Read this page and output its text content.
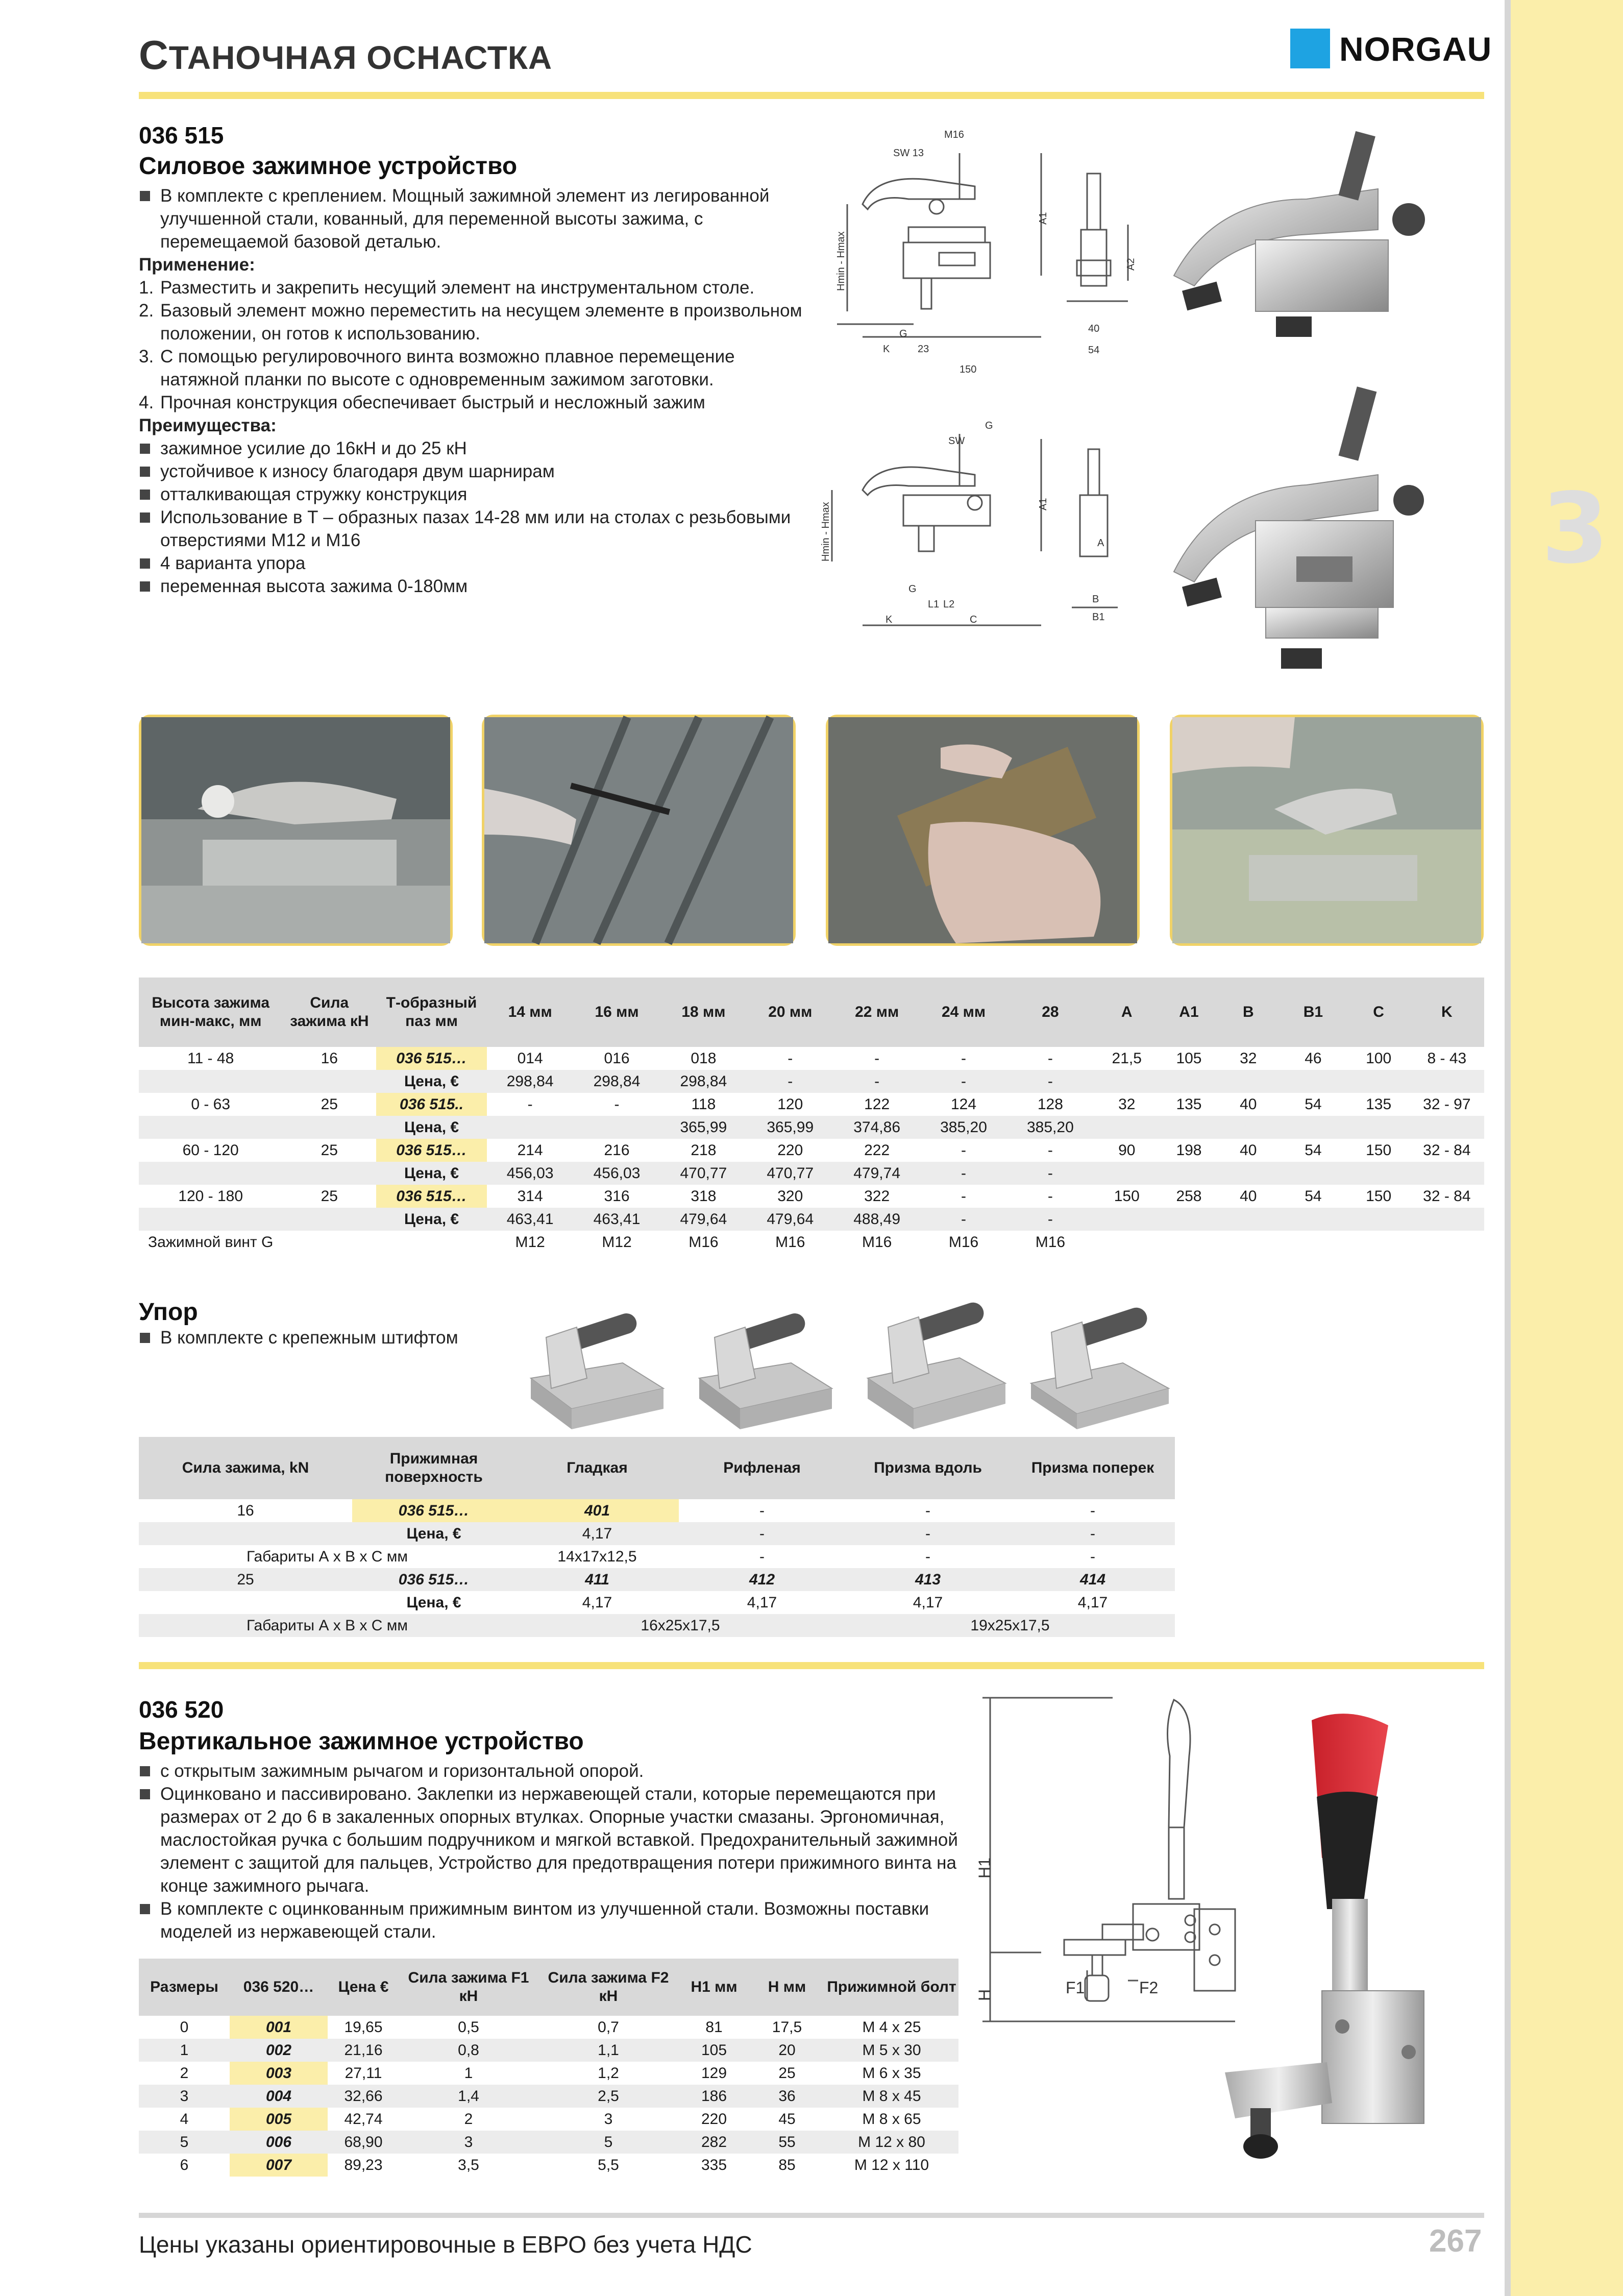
3
СТАНОЧНАЯ ОСНАСТКА	NORGAU
036 515
Силовое зажимное устройство
В комплекте с креплением. Мощный зажимной элемент из легированной улучшенной стали, кованный, для переменной высоты зажима, с перемещаемой базовой деталью.
Применение:
1. Разместить и закрепить несущий элемент на инструментальном столе.
2. Базовый элемент можно переместить на несущем элементе в произвольном положении, он готов к использованию.
3. С помощью регулировочного винта возможно плавное перемещение натяжной планки по высоте с одновременным зажимом заготовки.
4. Прочная конструкция обеспечивает быстрый и несложный зажим
Преимущества:
зажимное усилие до 16кН и до 25 кН
устойчивое к износу благодаря двум шарнирам
отталкивающая стружку конструкция
Использование в Т – образных пазах 14-28 мм или на столах с резьбовыми отверстиями М12 и М16
4 варианта упора
переменная высота зажима 0-180мм
M16
SW 13
A1
A2
Hmin - Hmax
G
K	23
150
40
54
SW
G
A1
A
Hmin - Hmax
G
L1 L2
K	C
B
B1
Высота зажима мин-макс, мм	Сила зажима кН	Т-образный паз мм	14 мм	16 мм	18 мм	20 мм	22 мм	24 мм	28	A	A1	B	B1	C	K
11 - 48	16	036 515…	014	016	018	-	-	-	-	21,5	105	32	46	100	8 - 43
		Цена, €	298,84	298,84	298,84	-	-	-	-						
0 - 63	25	036 515..	-	-	118	120	122	124	128	32	135	40	54	135	32 - 97
		Цена, €			365,99	365,99	374,86	385,20	385,20						
60 - 120	25	036 515…	214	216	218	220	222	-	-	90	198	40	54	150	32 - 84
		Цена, €	456,03	456,03	470,77	470,77	479,74	-	-						
120 - 180	25	036 515…	314	316	318	320	322	-	-	150	258	40	54	150	32 - 84
		Цена, €	463,41	463,41	479,64	479,64	488,49	-	-						
Зажимной винт G			M12	M12	M16	M16	M16	M16	M16						
Упор
В комплекте с крепежным штифтом
Сила зажима, kN	Прижимная поверхность	Гладкая	Рифленая	Призма вдоль	Призма поперек
16	036 515…	401	-	-	-
	Цена, €	4,17	-	-	-
Габариты А х В х С мм		14x17x12,5	-	-	-
25	036 515…	411	412	413	414
	Цена, €	4,17	4,17	4,17	4,17
Габариты А х В х С мм		16x25x17,5		19x25x17,5	
036 520
Вертикальное зажимное устройство
с открытым зажимным рычагом и горизонтальной опорой.
Оцинковано и пассивировано. Заклепки из нержавеющей стали, которые перемещаются при размерах от 2 до 6 в закаленных опорных втулках. Опорные участки смазаны. Эргономичная, маслостойкая ручка с большим подручником и мягкой вставкой. Предохранительный зажимной элемент с защитой для пальцев, Устройство для предотвращения потери прижимного винта на конце зажимного рычага.
В комплекте с оцинкованным прижимным винтом из улучшенной стали. Возможны поставки моделей из нержавеющей стали.
H1
H	F1	F2
Размеры	036 520…	Цена €	Сила зажима F1 кН	Сила зажима F2 кН	H1 мм	H мм	Прижимной болт
0	001	19,65	0,5	0,7	81	17,5	M 4 x 25
1	002	21,16	0,8	1,1	105	20	M 5 x 30
2	003	27,11	1	1,2	129	25	M 6 x 35
3	004	32,66	1,4	2,5	186	36	M 8 x 45
4	005	42,74	2	3	220	45	M 8 x 65
5	006	68,90	3	5	282	55	M 12 x 80
6	007	89,23	3,5	5,5	335	85	M 12 x 110
Цены указаны ориентировочные в ЕВРО без учета НДС	267
